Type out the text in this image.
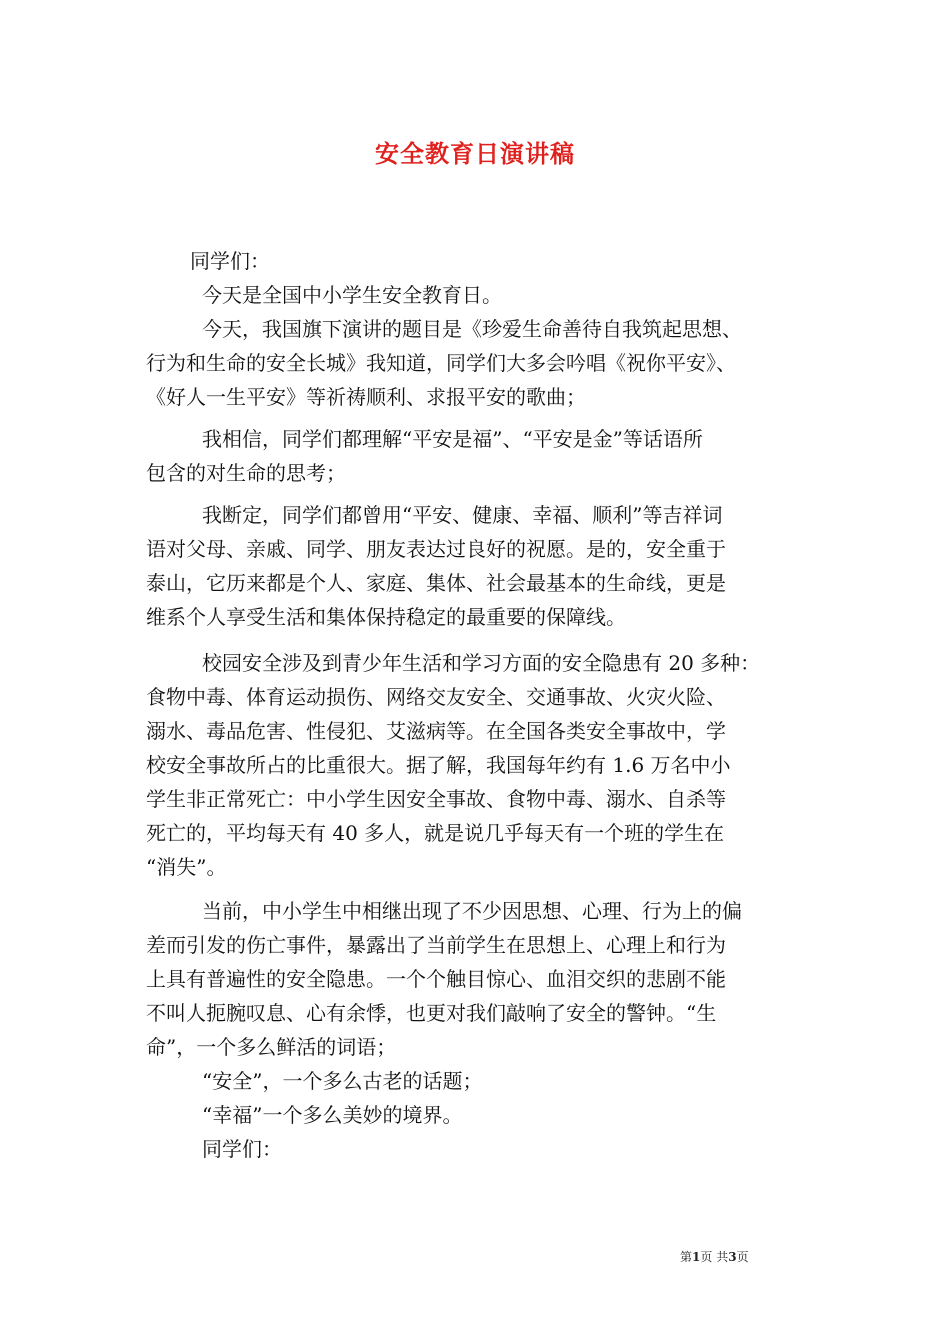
安全教育日演讲稿
同学们：
今天是全国中小学生安全教育日。
今天，我国旗下演讲的题目是《珍爱生命善待自我筑起思想、
行为和生命的安全长城》我知道，同学们大多会吟唱《祝你平安》、
《好人一生平安》等祈祷顺利、求报平安的歌曲；
我相信，同学们都理解“平安是福”、“平安是金”等话语所
包含的对生命的思考；
我断定，同学们都曾用“平安、健康、幸福、顺利”等吉祥词
语对父母、亲戚、同学、朋友表达过良好的祝愿。是的，安全重于
泰山，它历来都是个人、家庭、集体、社会最基本的生命线，更是
维系个人享受生活和集体保持稳定的最重要的保障线。
校园安全涉及到青少年生活和学习方面的安全隐患有 20 多种：
食物中毒、体育运动损伤、网络交友安全、交通事故、火灾火险、
溺水、毒品危害、性侵犯、艾滋病等。在全国各类安全事故中，学
校安全事故所占的比重很大。据了解，我国每年约有 1.6 万名中小
学生非正常死亡：中小学生因安全事故、食物中毒、溺水、自杀等
死亡的，平均每天有 40 多人，就是说几乎每天有一个班的学生在
“消失”。
当前，中小学生中相继出现了不少因思想、心理、行为上的偏
差而引发的伤亡事件，暴露出了当前学生在思想上、心理上和行为
上具有普遍性的安全隐患。一个个触目惊心、血泪交织的悲剧不能
不叫人扼腕叹息、心有余悸，也更对我们敲响了安全的警钟。“生
命”，一个多么鲜活的词语；
“安全”，一个多么古老的话题；
“幸福”一个多么美妙的境界。
同学们：
第1页 共3页
